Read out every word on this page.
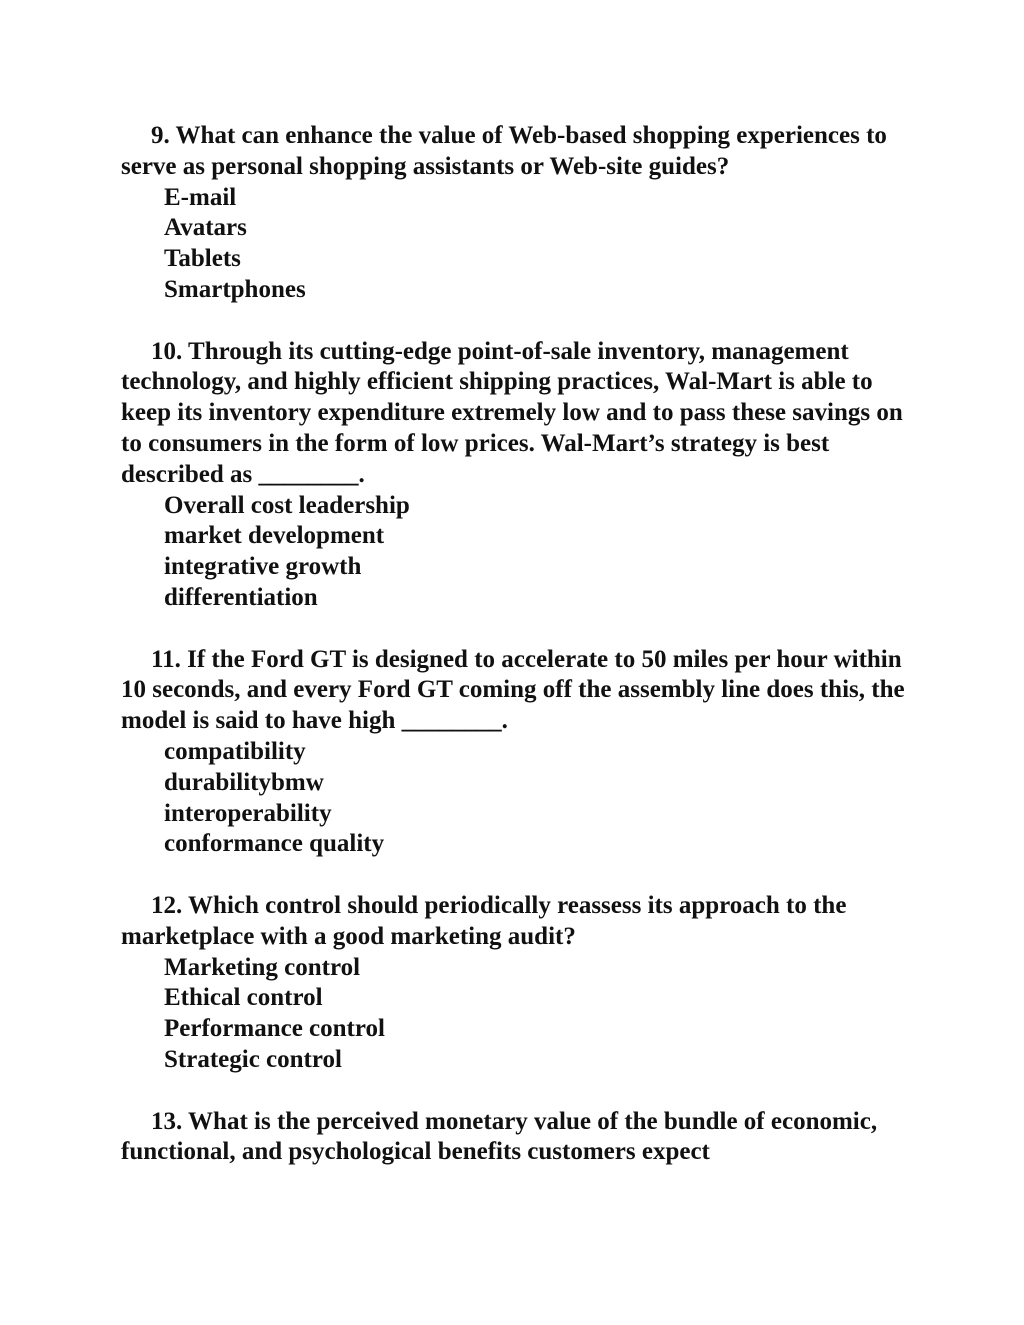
9. What can enhance the value of Web-based shopping experiences to serve as personal shopping assistants or Web-site guides?

E-mail
Avatars
Tablets
Smartphones

10. Through its cutting-edge point-of-sale inventory, management technology, and highly efficient shipping practices, Wal-Mart is able to keep its inventory expenditure extremely low and to pass these savings on to consumers in the form of low prices. Wal-Mart’s strategy is best described as ________.

Overall cost leadership
market development
integrative growth
differentiation

11. If the Ford GT is designed to accelerate to 50 miles per hour within 10 seconds, and every Ford GT coming off the assembly line does this, the model is said to have high ________.

compatibility
durabilitybmw
interoperability
conformance quality

12. Which control should periodically reassess its approach to the marketplace with a good marketing audit?

Marketing control
Ethical control
Performance control
Strategic control

13. What is the perceived monetary value of the bundle of economic, functional, and psychological benefits customers expect
